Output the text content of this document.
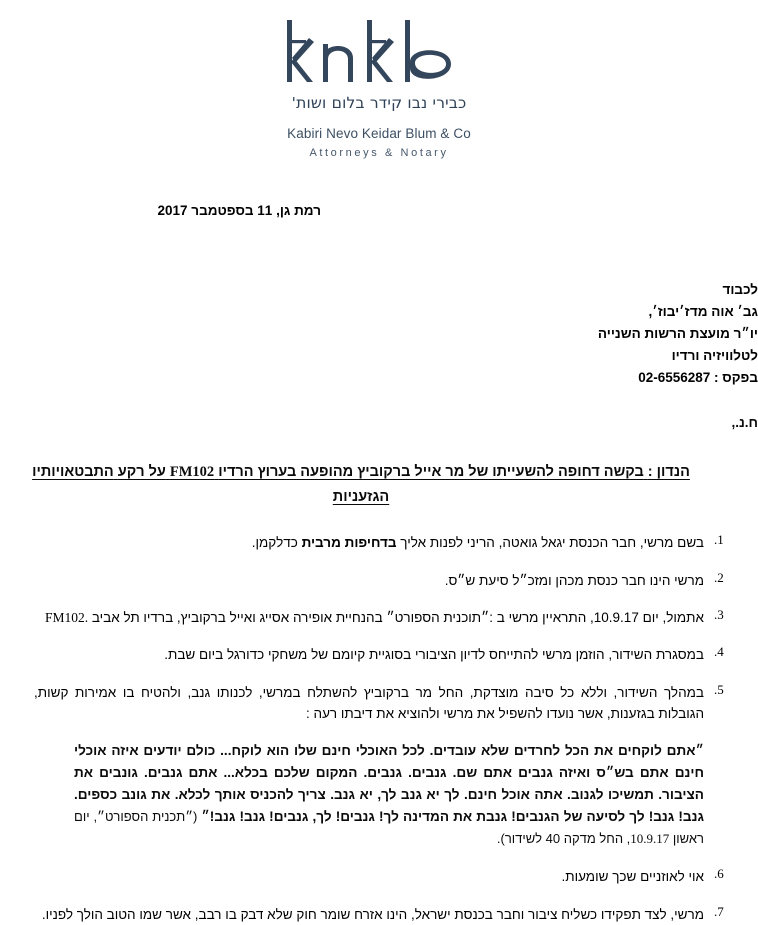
כבירי נבו קידר בלום ושות'
Kabiri Nevo Keidar Blum & Co
Attorneys & Notary
רמת גן, 11 בספטמבר 2017
לכבוד
גב׳ אוה מדז׳יבוז׳,
יו״ר מועצת הרשות השנייה
לטלוויזיה ורדיו
בפקס : 02-6556287
ח.נ.,
הנדון : בקשה דחופה להשעייתו של מר אייל ברקוביץ מהופעה בערוץ הרדיו FM102 על רקע התבטאויותיו הגזעניות
.1
בשם מרשי, חבר הכנסת יגאל גואטה, הריני לפנות אליך בדחיפות מרבית כדלקמן.
.2
מרשי הינו חבר כנסת מכהן ומזכ״ל סיעת ש״ס.
.3
אתמול, יום 10.9.17, התראיין מרשי ב :״תוכנית הספורט״ בהנחיית אופירה אסייג ואייל ברקוביץ, ברדיו תל אביב .FM102
.4
במסגרת השידור, הוזמן מרשי להתייחס לדיון הציבורי בסוגיית קיומם של משחקי כדורגל ביום שבת.
.5
במהלך השידור, וללא כל סיבה מוצדקת, החל מר ברקוביץ להשתלח במרשי, לכנותו גנב, ולהטיח בו אמירות קשות, הגובלות בגזענות, אשר נועדו להשפיל את מרשי ולהוציא את דיבתו רעה :
״אתם לוקחים את הכל לחרדים שלא עובדים. לכל האוכלי חינם שלו הוא לוקח... כולם יודעים איזה אוכלי חינם אתם בש״ס ואיזה גנבים אתם שם. גנבים. גנבים. המקום שלכם בכלא... אתם גנבים. גונבים את הציבור. תמשיכו לגנוב. אתה אוכל חינם. לך יא גנב לך, יא גנב. צריך להכניס אותך לכלא. את גונב כספים. גנב! גנב! לך לסיעה של הגנבים! גנבת את המדינה לך! גנבים! לך, גנבים! גנב! גנב!״ (״תכנית הספורט״, יום ראשון 10.9.17, החל מדקה 40 לשידור).
.6
אוי לאוזניים שכך שומעות.
.7
מרשי, לצד תפקידו כשליח ציבור וחבר בכנסת ישראל, הינו אזרח שומר חוק שלא דבק בו רבב, אשר שמו הטוב הולך לפניו.
